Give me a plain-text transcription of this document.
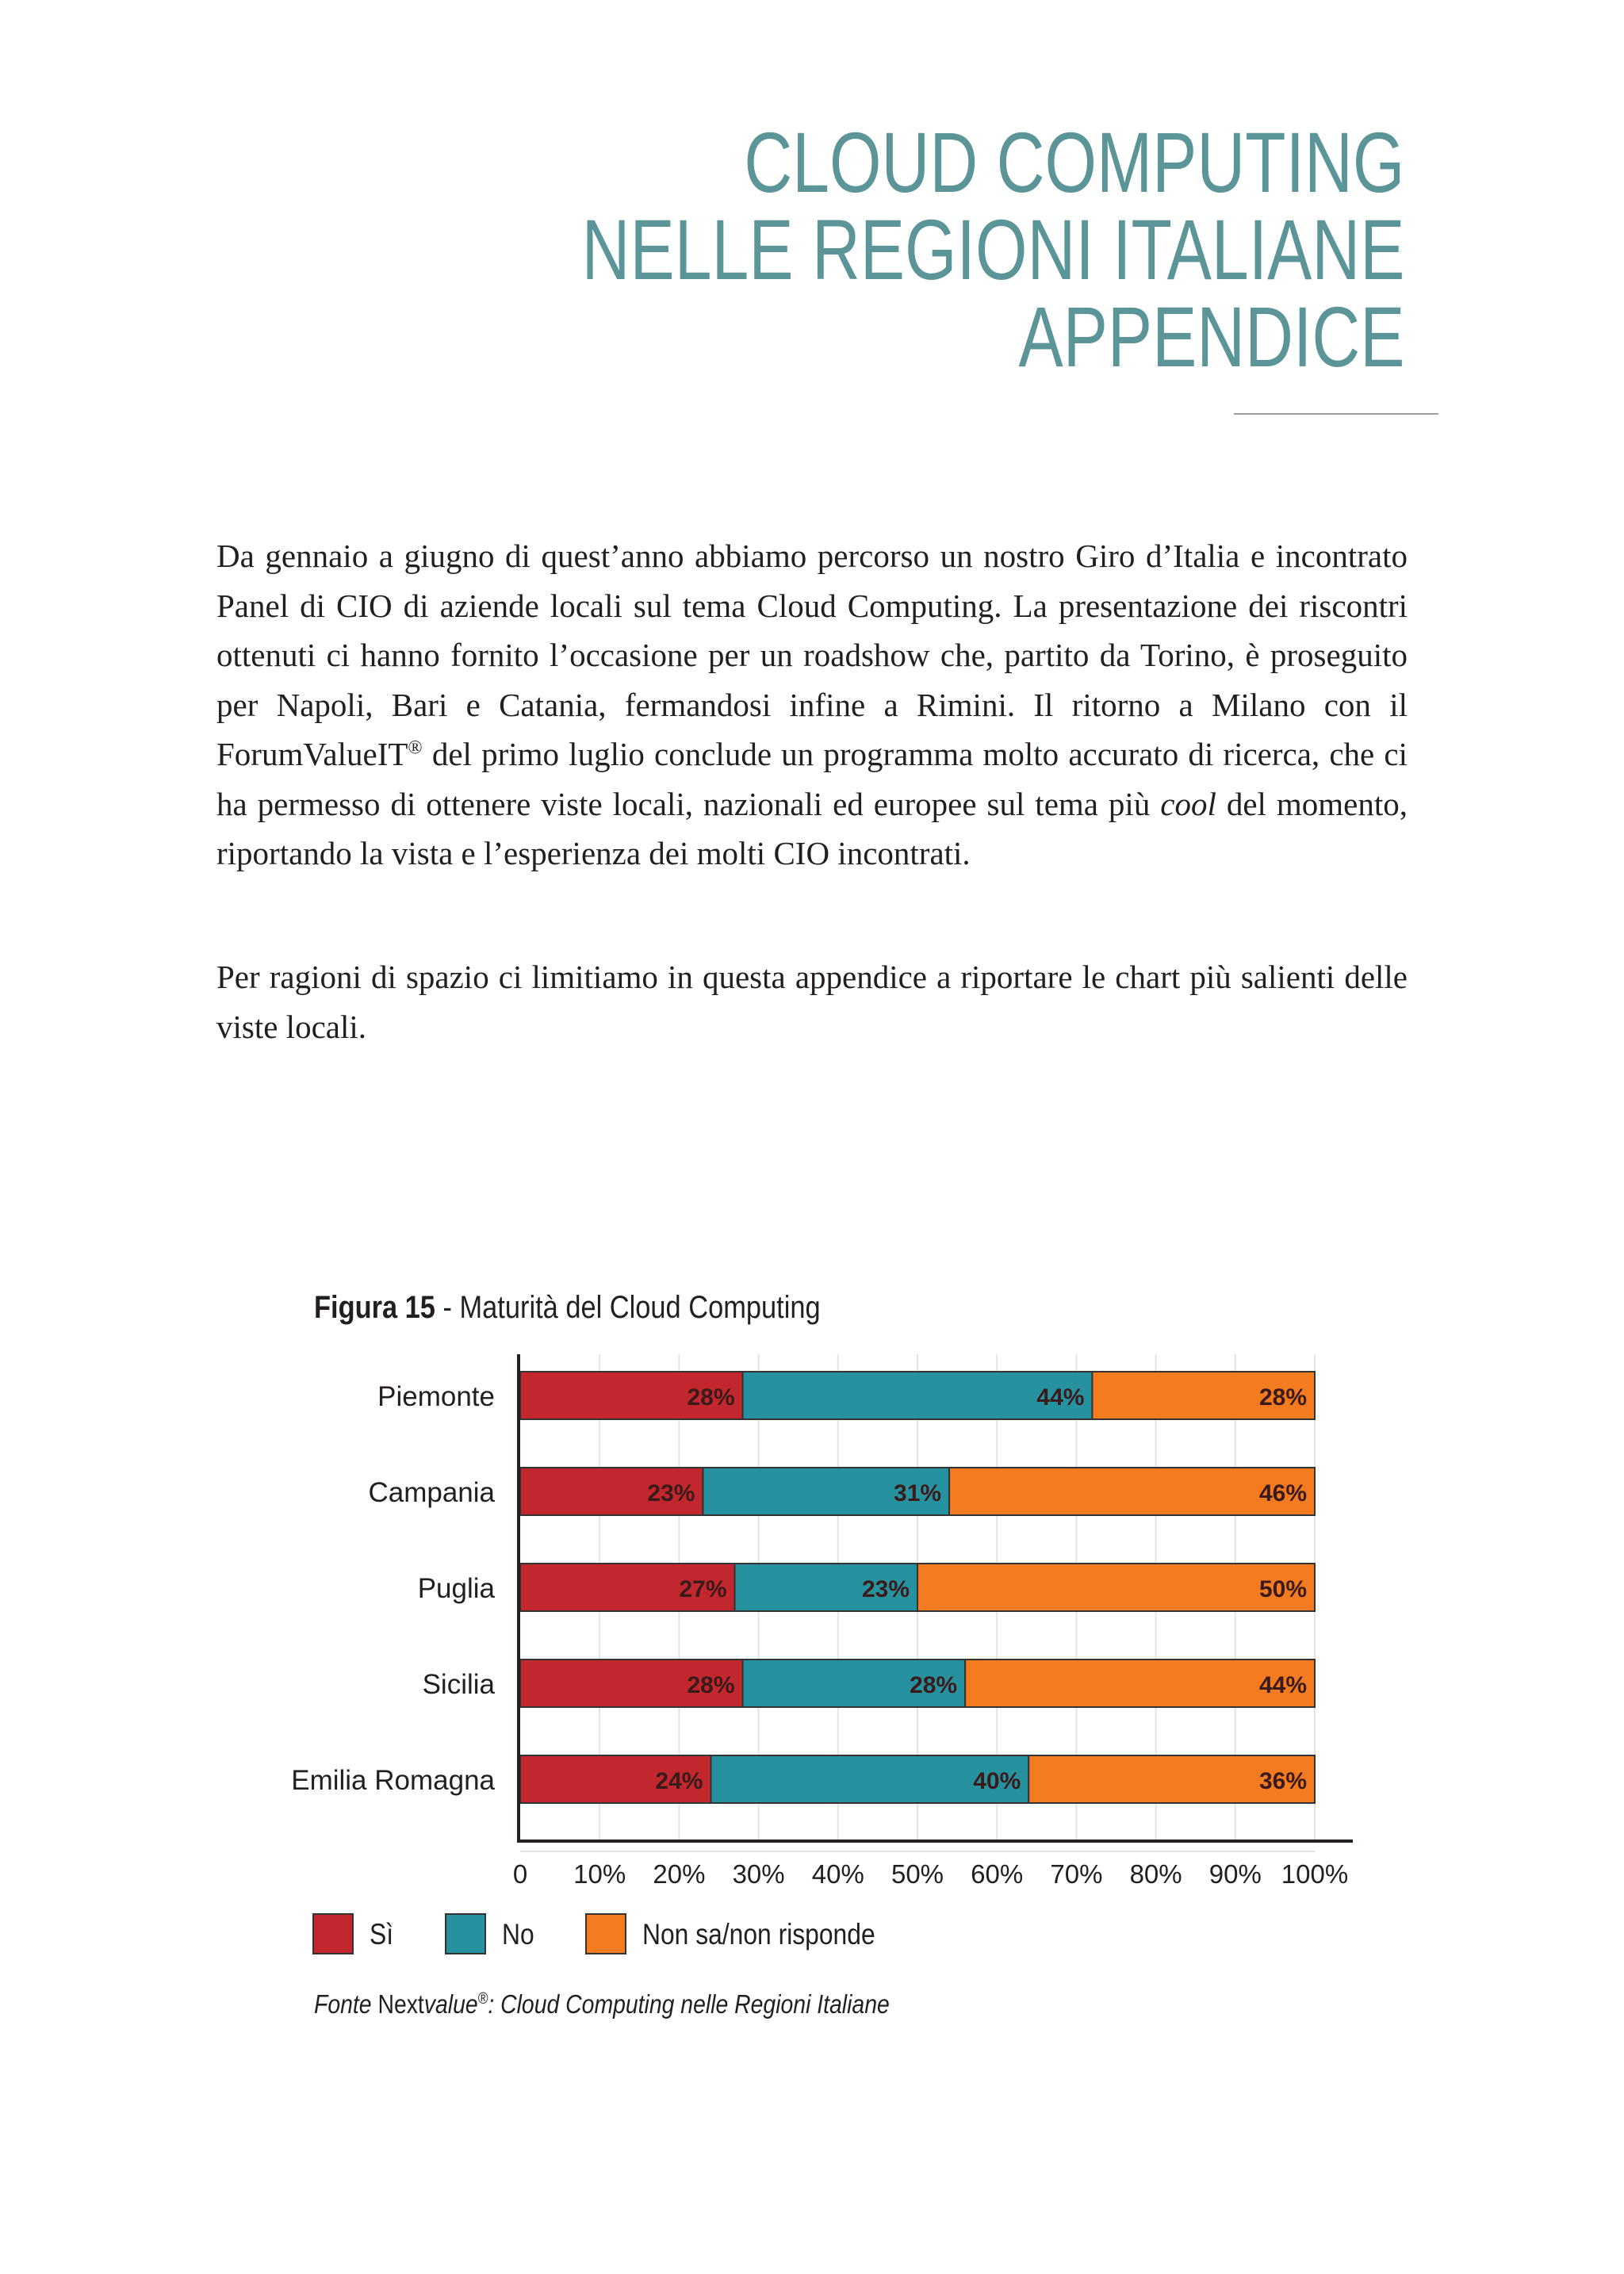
CLOUD COMPUTING
NELLE REGIONI ITALIANE
APPENDICE

Da gennaio a giugno di quest’anno abbiamo percorso un nostro Giro d’Italia e incontrato Panel di CIO di aziende locali sul tema Cloud Computing. La presentazione dei riscontri ottenuti ci hanno fornito l’occasione per un roadshow che, partito da Torino, è proseguito per Napoli, Bari e Catania, fermandosi infine a Rimini. Il ritorno a Milano con il ForumValueIT® del primo luglio conclude un programma molto accurato di ricerca, che ci ha permesso di ottenere viste locali, nazionali ed europee sul tema più cool del momento, riportando la vista e l’esperienza dei molti CIO incontrati.

Per ragioni di spazio ci limitiamo in questa appendice a riportare le chart più salienti delle viste locali.

Figura 15 - Maturità del Cloud Computing

28%	44%	28%
Piemonte
23%	31%	46%
Campania
27%	23%	50%
Puglia
28%	28%	44%
Sicilia
24%	40%	36%
Emilia Romagna
0 10% 20% 30% 40% 50% 60% 70% 80% 90% 100%
Sì	No	Non sa/non risponde

Fonte Nextvalue®: Cloud Computing nelle Regioni Italiane
